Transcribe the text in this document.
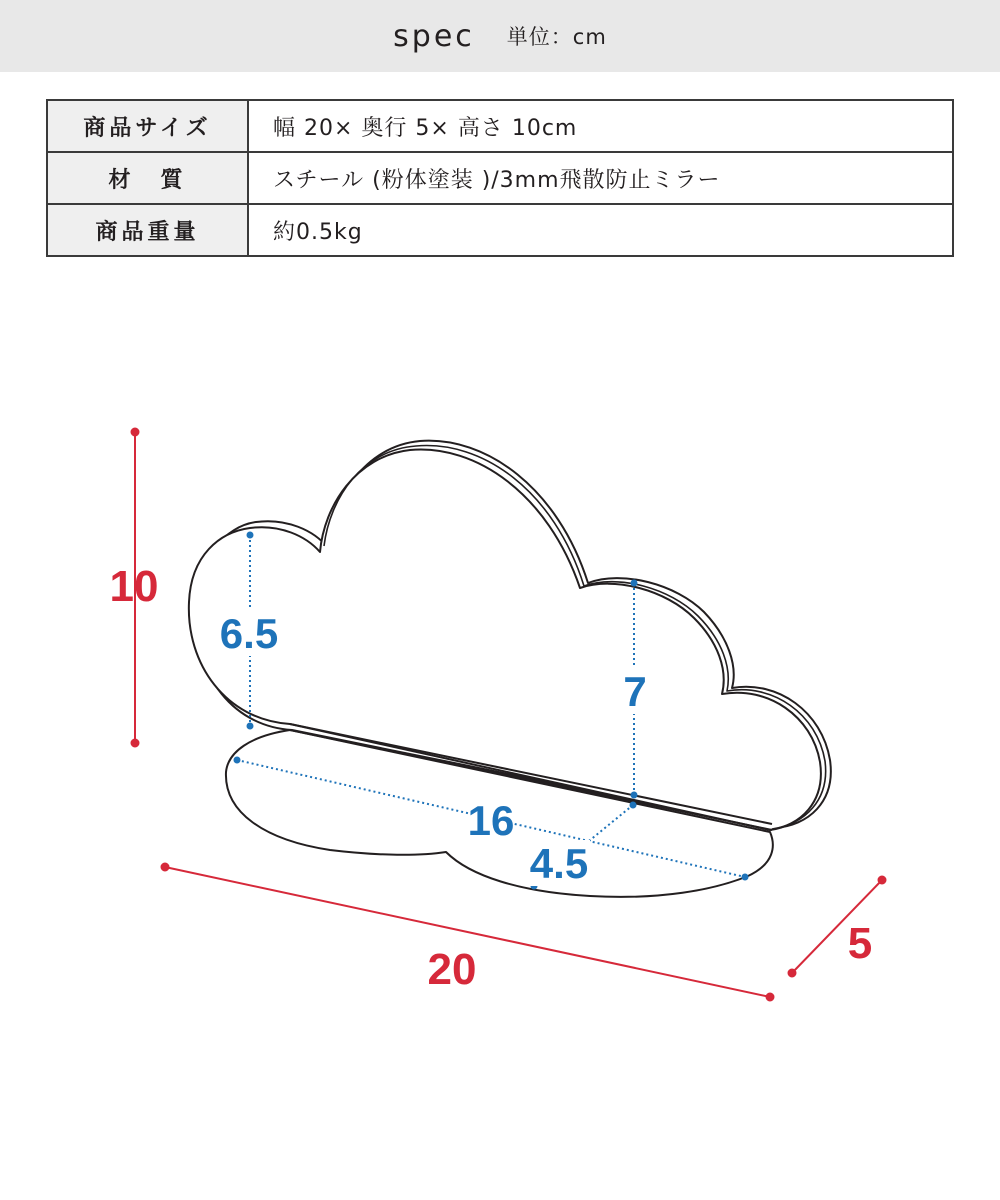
spec 単位：cm
商品サイズ	幅 20× 奥行 5× 高さ 10cm
材　質	スチール (粉体塗装 )/3mm飛散防止ミラー
商品重量	約0.5kg
10
20
5
6.5
7
16
4.5
